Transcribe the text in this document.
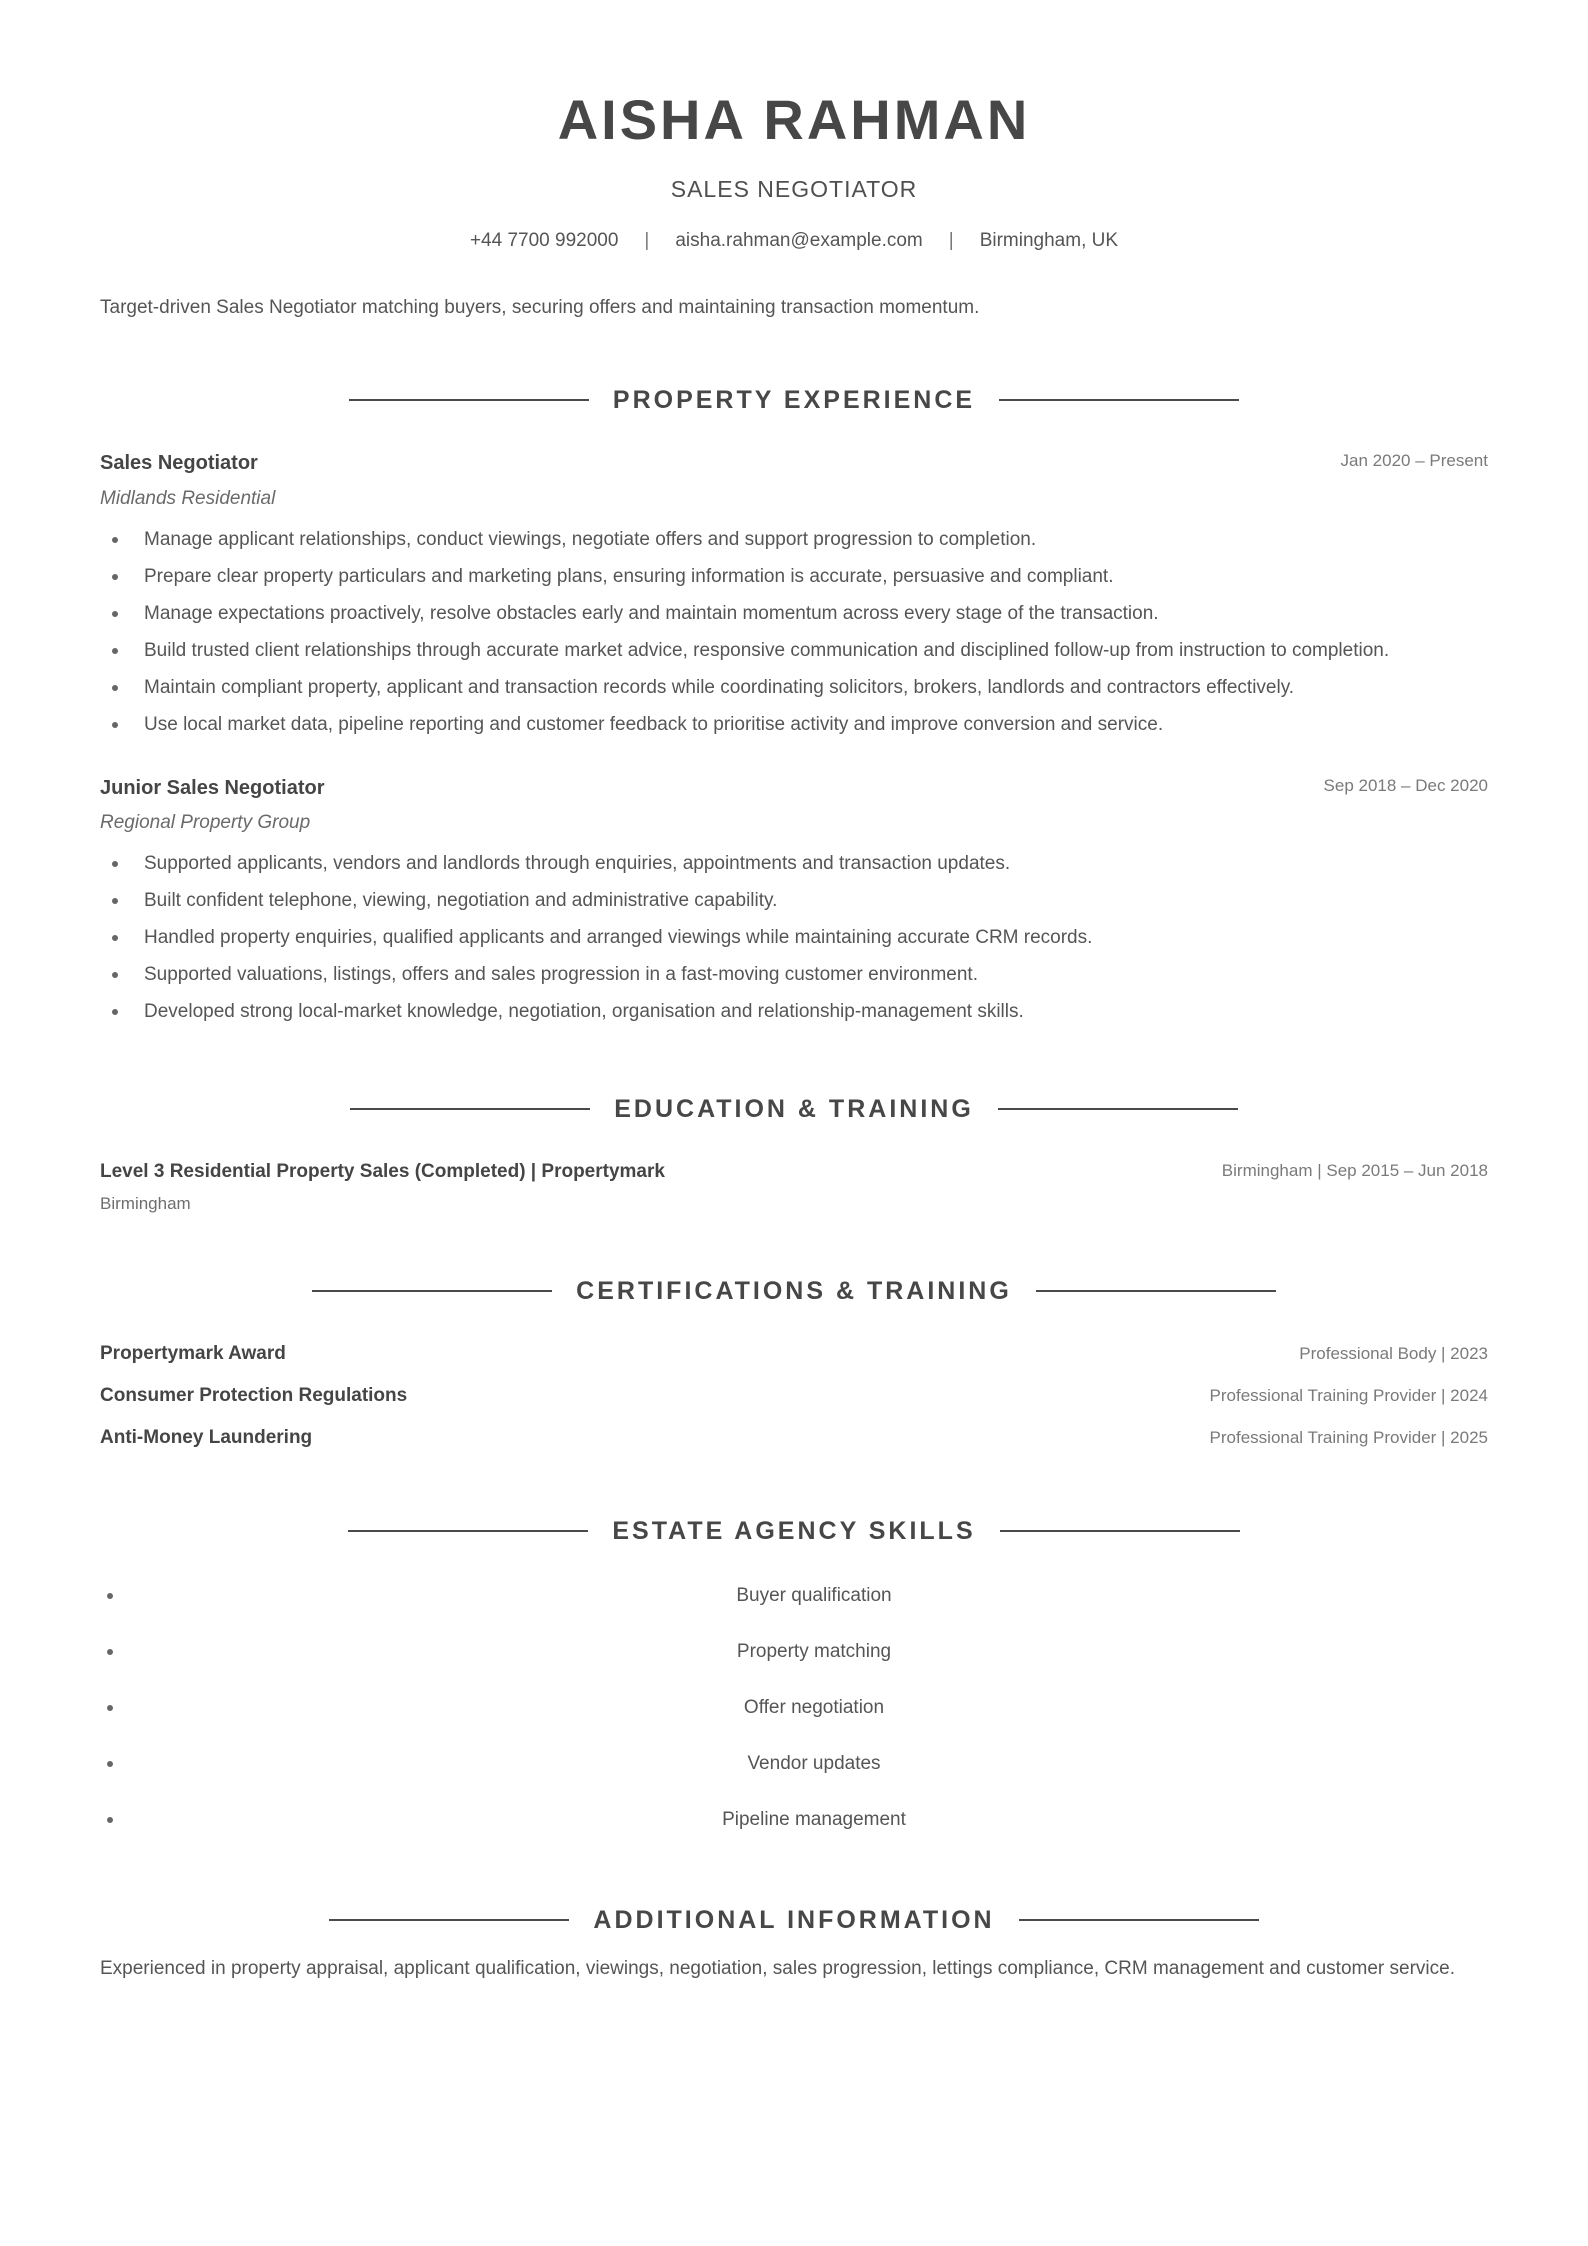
AISHA RAHMAN
SALES NEGOTIATOR
+44 7700 992000 | aisha.rahman@example.com | Birmingham, UK
Target-driven Sales Negotiator matching buyers, securing offers and maintaining transaction momentum.
PROPERTY EXPERIENCE
Sales Negotiator	Jan 2020 – Present
Midlands Residential
Manage applicant relationships, conduct viewings, negotiate offers and support progression to completion.
Prepare clear property particulars and marketing plans, ensuring information is accurate, persuasive and compliant.
Manage expectations proactively, resolve obstacles early and maintain momentum across every stage of the transaction.
Build trusted client relationships through accurate market advice, responsive communication and disciplined follow-up from instruction to completion.
Maintain compliant property, applicant and transaction records while coordinating solicitors, brokers, landlords and contractors effectively.
Use local market data, pipeline reporting and customer feedback to prioritise activity and improve conversion and service.
Junior Sales Negotiator	Sep 2018 – Dec 2020
Regional Property Group
Supported applicants, vendors and landlords through enquiries, appointments and transaction updates.
Built confident telephone, viewing, negotiation and administrative capability.
Handled property enquiries, qualified applicants and arranged viewings while maintaining accurate CRM records.
Supported valuations, listings, offers and sales progression in a fast-moving customer environment.
Developed strong local-market knowledge, negotiation, organisation and relationship-management skills.
EDUCATION & TRAINING
Level 3 Residential Property Sales (Completed) | Propertymark	Birmingham | Sep 2015 – Jun 2018
Birmingham
CERTIFICATIONS & TRAINING
Propertymark Award	Professional Body | 2023
Consumer Protection Regulations	Professional Training Provider | 2024
Anti-Money Laundering	Professional Training Provider | 2025
ESTATE AGENCY SKILLS
Buyer qualification
Property matching
Offer negotiation
Vendor updates
Pipeline management
ADDITIONAL INFORMATION
Experienced in property appraisal, applicant qualification, viewings, negotiation, sales progression, lettings compliance, CRM management and customer service.
